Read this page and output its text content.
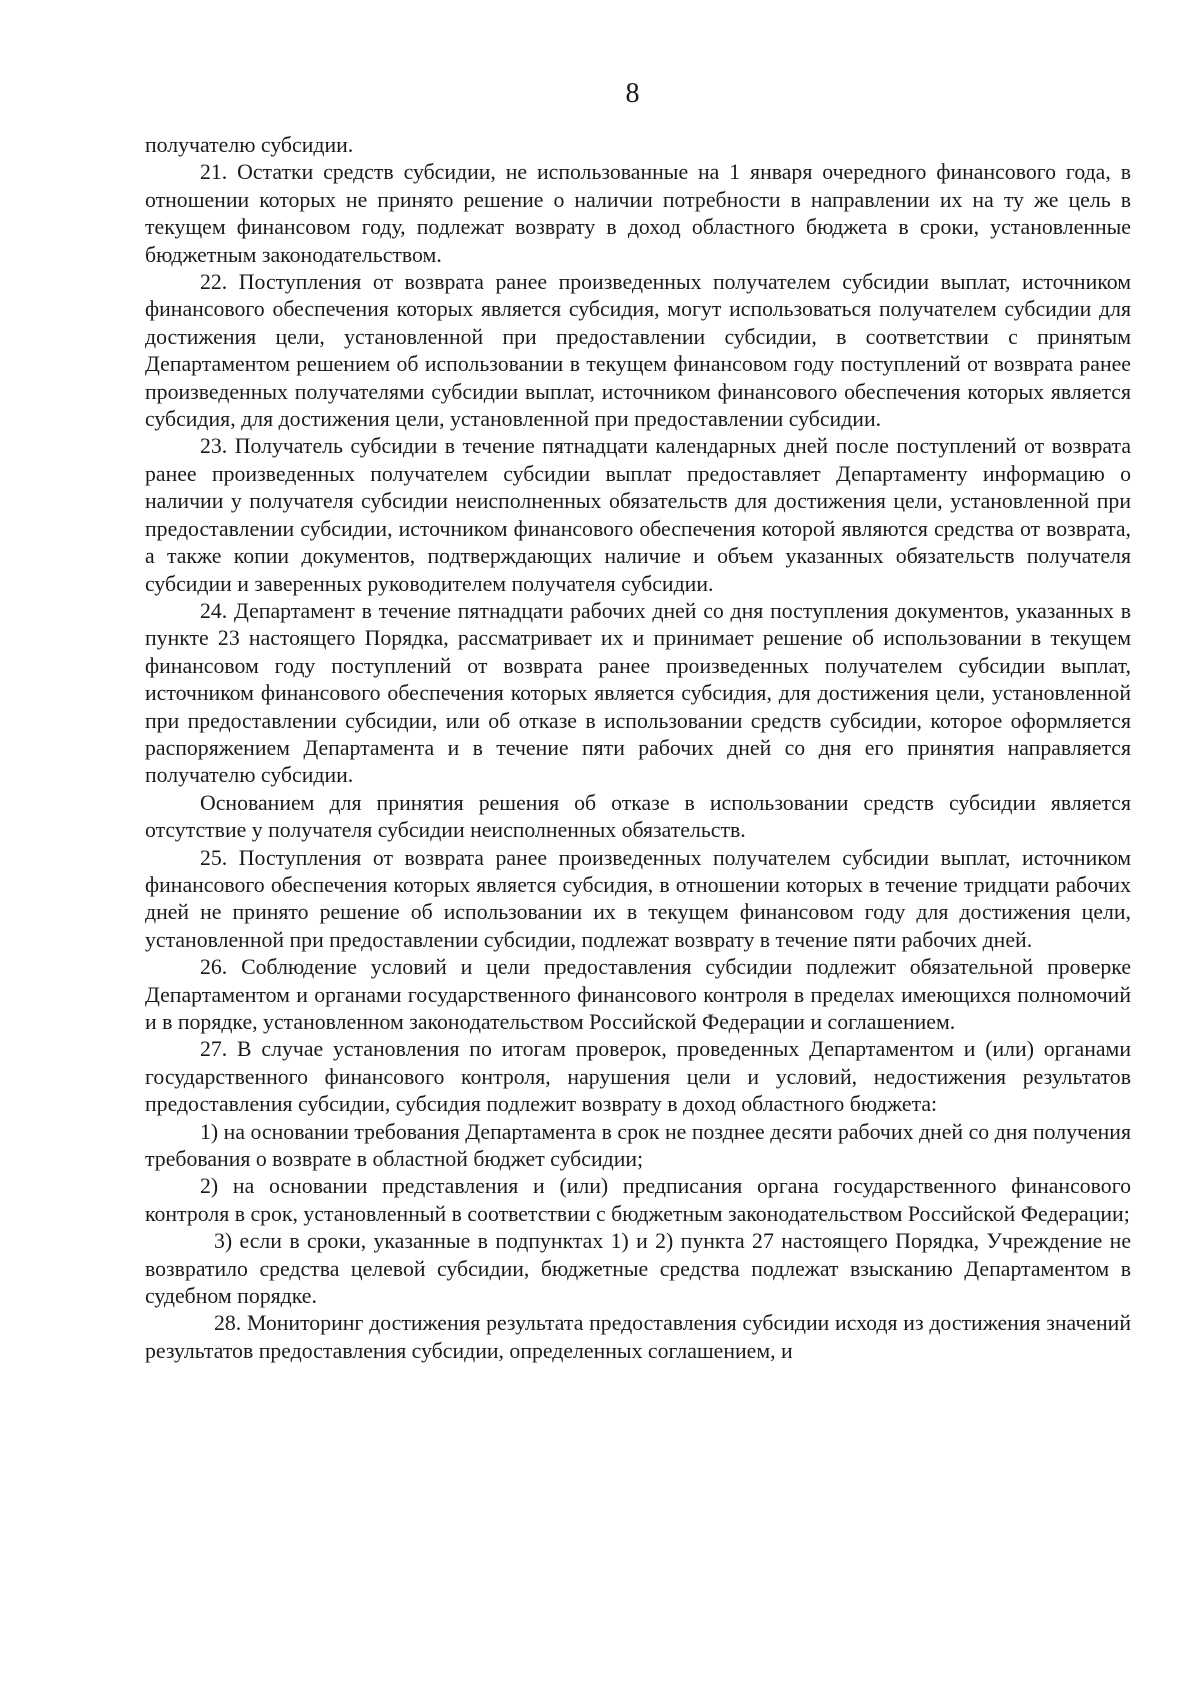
8

получателю субсидии.

21. Остатки средств субсидии, не использованные на 1 января очередного финансового года, в отношении которых не принято решение о наличии потребности в направлении их на ту же цель в текущем финансовом году, подлежат возврату в доход областного бюджета в сроки, установленные бюджетным законодательством.

22. Поступления от возврата ранее произведенных получателем субсидии выплат, источником финансового обеспечения которых является субсидия, могут использоваться получателем субсидии для достижения цели, установленной при предоставлении субсидии, в соответствии с принятым Департаментом решением об использовании в текущем финансовом году поступлений от возврата ранее произведенных получателями субсидии выплат, источником финансового обеспечения которых является субсидия, для достижения цели, установленной при предоставлении субсидии.

23. Получатель субсидии в течение пятнадцати календарных дней после поступлений от возврата ранее произведенных получателем субсидии выплат предоставляет Департаменту информацию о наличии у получателя субсидии неисполненных обязательств для достижения цели, установленной при предоставлении субсидии, источником финансового обеспечения которой являются средства от возврата, а также копии документов, подтверждающих наличие и объем указанных обязательств получателя субсидии и заверенных руководителем получателя субсидии.

24. Департамент в течение пятнадцати рабочих дней со дня поступления документов, указанных в пункте 23 настоящего Порядка, рассматривает их и принимает решение об использовании в текущем финансовом году поступлений от возврата ранее произведенных получателем субсидии выплат, источником финансового обеспечения которых является субсидия, для достижения цели, установленной при предоставлении субсидии, или об отказе в использовании средств субсидии, которое оформляется распоряжением Департамента и в течение пяти рабочих дней со дня его принятия направляется получателю субсидии.

Основанием для принятия решения об отказе в использовании средств субсидии является отсутствие у получателя субсидии неисполненных обязательств.

25. Поступления от возврата ранее произведенных получателем субсидии выплат, источником финансового обеспечения которых является субсидия, в отношении которых в течение тридцати рабочих дней не принято решение об использовании их в текущем финансовом году для достижения цели, установленной при предоставлении субсидии, подлежат возврату в течение пяти рабочих дней.

26. Соблюдение условий и цели предоставления субсидии подлежит обязательной проверке Департаментом и органами государственного финансового контроля в пределах имеющихся полномочий и в порядке, установленном законодательством Российской Федерации и соглашением.

27. В случае установления по итогам проверок, проведенных Департаментом и (или) органами государственного финансового контроля, нарушения цели и условий, недостижения результатов предоставления субсидии, субсидия подлежит возврату в доход областного бюджета:

1) на основании требования Департамента в срок не позднее десяти рабочих дней со дня получения требования о возврате в областной бюджет субсидии;

2) на основании представления и (или) предписания органа государственного финансового контроля в срок, установленный в соответствии с бюджетным законодательством Российской Федерации;

3) если в сроки, указанные в подпунктах 1) и 2) пункта 27 настоящего Порядка, Учреждение не возвратило средства целевой субсидии, бюджетные средства подлежат взысканию Департаментом в судебном порядке.

28. Мониторинг достижения результата предоставления субсидии исходя из достижения значений результатов предоставления субсидии, определенных соглашением, и
